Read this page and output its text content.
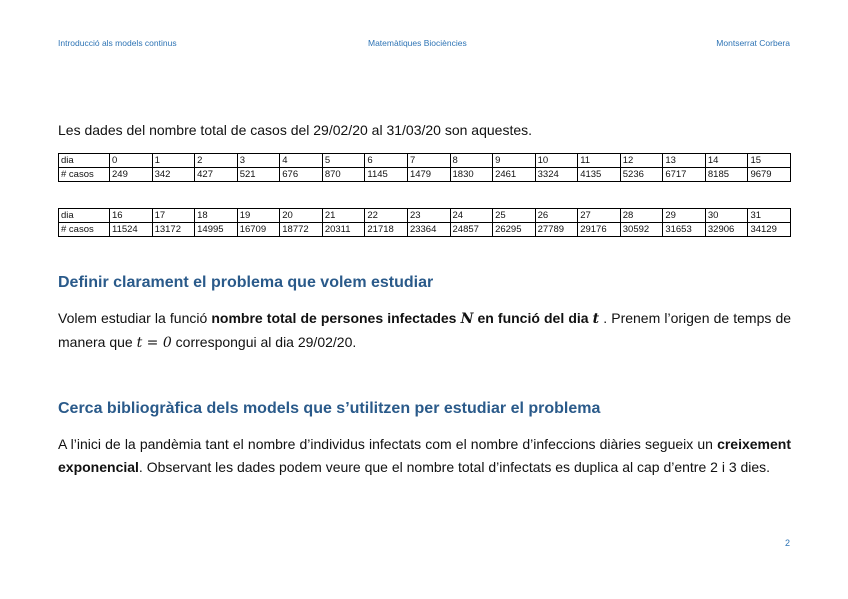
Introducció als models continus	Matemàtiques Biociències	Montserrat Corbera
Les dades del nombre total de casos del 29/02/20 al 31/03/20 son aquestes.
dia	0	1	2	3	4	5	6	7	8	9	10	11	12	13	14	15
# casos	249	342	427	521	676	870	1145	1479	1830	2461	3324	4135	5236	6717	8185	9679
dia	16	17	18	19	20	21	22	23	24	25	26	27	28	29	30	31
# casos	11524	13172	14995	16709	18772	20311	21718	23364	24857	26295	27789	29176	30592	31653	32906	34129
Definir clarament el problema que volem estudiar

Volem estudiar la funció nombre total de persones infectades N en funció del dia t . Prenem l’origen de temps de manera que t = 0 correspongui al dia 29/02/20.

Cerca bibliogràfica dels models que s’utilitzen per estudiar el problema

A l’inici de la pandèmia tant el nombre d’individus infectats com el nombre d’infeccions diàries segueix un creixement exponencial. Observant les dades podem veure que el nombre total d’infectats es duplica al cap d’entre 2 i 3 dies.

2
